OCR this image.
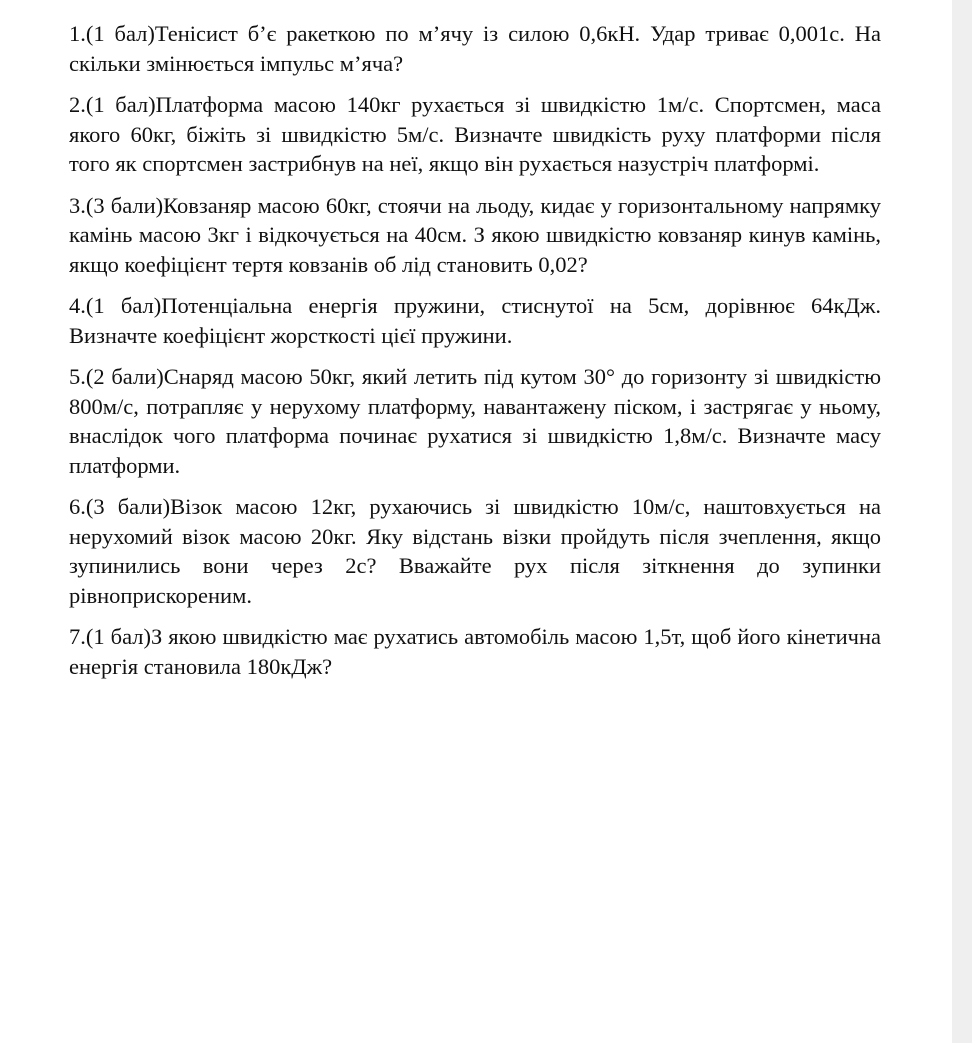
1.(1 бал)Тенісист б’є ракеткою по м’ячу із силою 0,6кН. Удар триває 0,001с. На скільки змінюється імпульс м’яча?

2.(1 бал)Платформа масою 140кг рухається зі швидкістю 1м/с. Спортсмен, маса якого 60кг, біжіть зі швидкістю 5м/с. Визначте швидкість руху платформи після того як спортсмен застрибнув на неї, якщо він рухається назустріч платформі.

3.(3 бали)Ковзаняр масою 60кг, стоячи на льоду, кидає у горизонтальному напрямку камінь масою 3кг і відкочується на 40см. З якою швидкістю ковзаняр кинув камінь, якщо коефіцієнт тертя ковзанів об лід становить 0,02?

4.(1 бал)Потенціальна енергія пружини, стиснутої на 5см, дорівнює 64кДж. Визначте коефіцієнт жорсткості цієї пружини.

5.(2 бали)Снаряд масою 50кг, який летить під кутом 30° до горизонту зі швидкістю 800м/с, потрапляє у нерухому платформу, навантажену піском, і застрягає у ньому, внаслідок чого платформа починає рухатися зі швидкістю 1,8м/с. Визначте масу платформи.

6.(3 бали)Візок масою 12кг, рухаючись зі швидкістю 10м/с, наштовхується на нерухомий візок масою 20кг. Яку відстань візки пройдуть після зчеплення, якщо зупинились вони через 2с? Вважайте рух після зіткнення до зупинки рівноприскореним.

7.(1 бал)З якою швидкістю має рухатись автомобіль масою 1,5т, щоб його кінетична енергія становила 180кДж?
